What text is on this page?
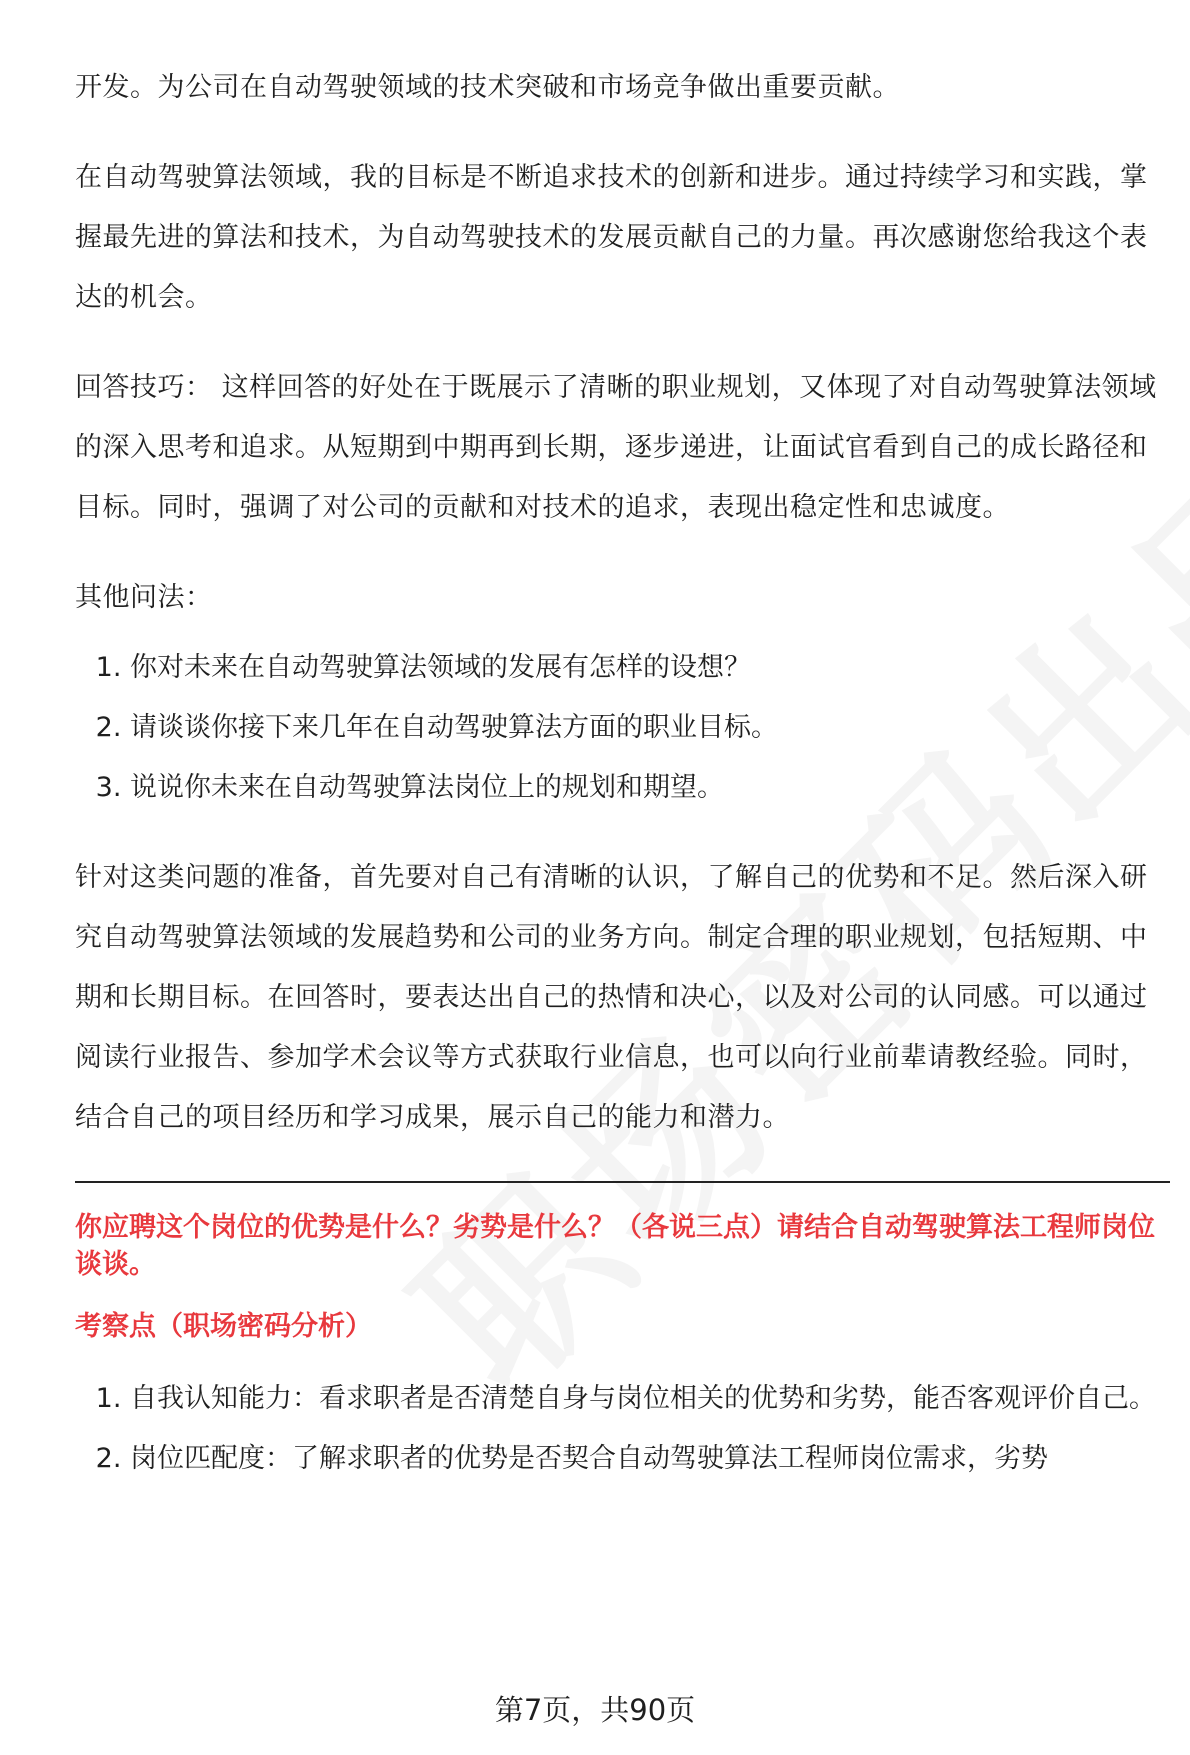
开发。为公司在自动驾驶领域的技术突破和市场竞争做出重要贡献。

在自动驾驶算法领域，我的目标是不断追求技术的创新和进步。通过持续学习和实践，掌握最先进的算法和技术，为自动驾驶技术的发展贡献自己的力量。再次感谢您给我这个表达的机会。

回答技巧： 这样回答的好处在于既展示了清晰的职业规划，又体现了对自动驾驶算法领域的深入思考和追求。从短期到中期再到长期，逐步递进，让面试官看到自己的成长路径和目标。同时，强调了对公司的贡献和对技术的追求，表现出稳定性和忠诚度。

其他问法：

1. 你对未来在自动驾驶算法领域的发展有怎样的设想？
2. 请谈谈你接下来几年在自动驾驶算法方面的职业目标。
3. 说说你未来在自动驾驶算法岗位上的规划和期望。

针对这类问题的准备，首先要对自己有清晰的认识，了解自己的优势和不足。然后深入研究自动驾驶算法领域的发展趋势和公司的业务方向。制定合理的职业规划，包括短期、中期和长期目标。在回答时，要表达出自己的热情和决心，以及对公司的认同感。可以通过阅读行业报告、参加学术会议等方式获取行业信息，也可以向行业前辈请教经验。同时，结合自己的项目经历和学习成果，展示自己的能力和潜力。

你应聘这个岗位的优势是什么？劣势是什么？（各说三点）请结合自动驾驶算法工程师岗位谈谈。
考察点（职场密码分析）
1. 自我认知能力：看求职者是否清楚自身与岗位相关的优势和劣势，能否客观评价自己。
2. 岗位匹配度：了解求职者的优势是否契合自动驾驶算法工程师岗位需求，劣势
第7页，共90页
